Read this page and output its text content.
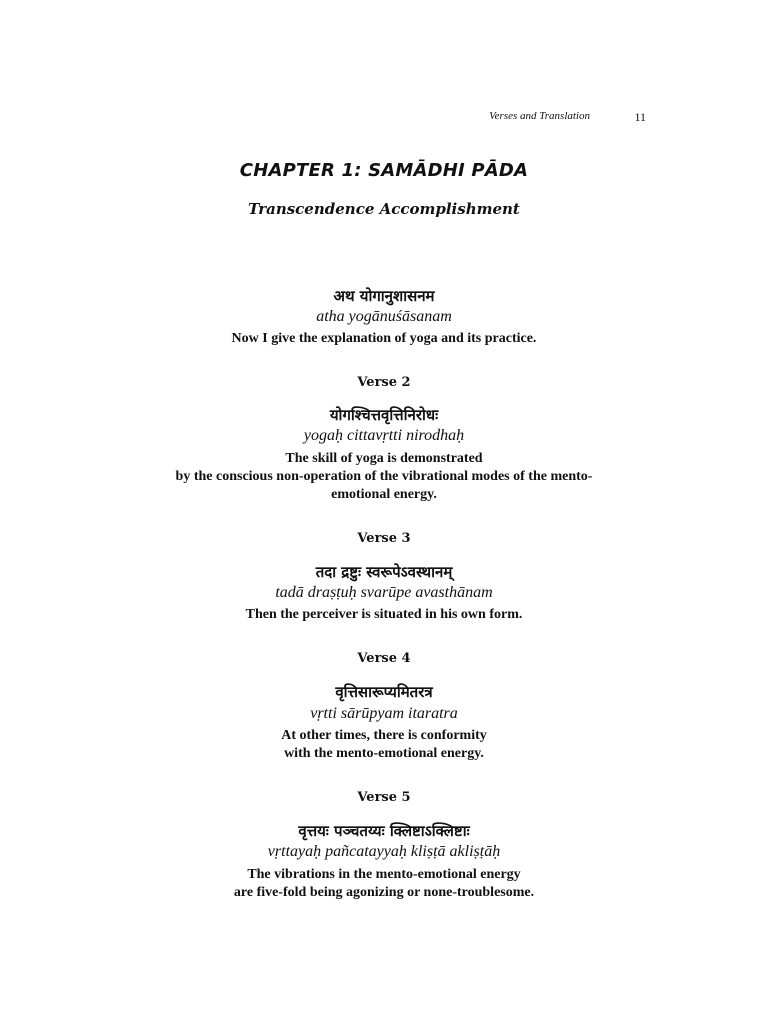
Verses and Translation	11
CHAPTER 1: SAMĀDHI PĀDA
Transcendence Accomplishment
अथ योगानुशासनम
atha yogānuśāsanam
Now I give the explanation of yoga and its practice.
Verse 2
योगश्चित्तवृत्तिनिरोधः
yogaḥ cittavṛtti nirodhaḥ
The skill of yoga is demonstrated
by the conscious non-operation of the vibrational modes of the mento-
emotional energy.
Verse 3
तदा द्रष्टुः स्वरूपेऽवस्थानम्
tadā draṣṭuḥ svarūpe avasthānam
Then the perceiver is situated in his own form.
Verse 4
वृत्तिसारूप्यमितरत्र
vṛtti sārūpyam itaratra
At other times, there is conformity
with the mento-emotional energy.
Verse 5
वृत्तयः पञ्चतय्यः क्लिष्टाऽक्लिष्टाः
vṛttayaḥ pañcatayyaḥ kliṣṭā akliṣṭāḥ
The vibrations in the mento-emotional energy
are five-fold being agonizing or none-troublesome.
